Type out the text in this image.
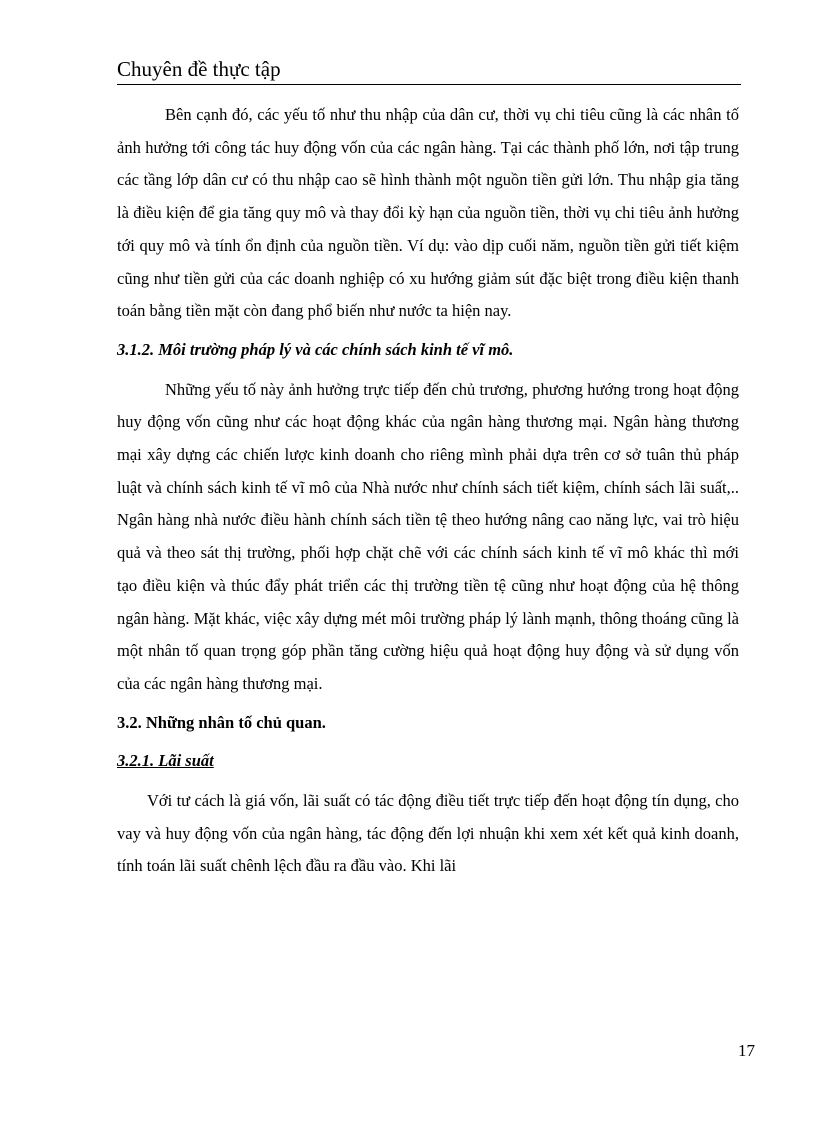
Chuyên đề thực tập

Bên cạnh đó, các yếu tố như thu nhập của dân cư, thời vụ chi tiêu cũng là các nhân tố ảnh hưởng tới công tác huy động vốn của các ngân hàng. Tại các thành phố lớn, nơi tập trung các tầng lớp dân cư có thu nhập cao sẽ hình thành một nguồn tiền gửi lớn. Thu nhập gia tăng là điều kiện để gia tăng quy mô và thay đổi kỳ hạn của nguồn tiền, thời vụ chi tiêu ảnh hưởng tới quy mô và tính ổn định của nguồn tiền. Ví dụ: vào dịp cuối năm, nguồn tiền gửi tiết kiệm cũng như tiền gửi của các doanh nghiệp có xu hướng giảm sút đặc biệt trong điều kiện thanh toán bằng tiền mặt còn đang phổ biến như nước ta hiện nay.

3.1.2. Môi trường pháp lý và các chính sách kinh tế vĩ mô.

Những yếu tố này ảnh hưởng trực tiếp đến chủ trương, phương hướng trong hoạt động huy động vốn cũng như các hoạt động khác của ngân hàng thương mại. Ngân hàng thương mại xây dựng các chiến lược kinh doanh cho riêng mình phải dựa trên cơ sở tuân thủ pháp luật và chính sách kinh tế vĩ mô của Nhà nước như chính sách tiết kiệm, chính sách lãi suất,.. Ngân hàng nhà nước điều hành chính sách tiền tệ theo hướng nâng cao năng lực, vai trò hiệu quả và theo sát thị trường, phối hợp chặt chẽ với các chính sách kinh tế vĩ mô khác thì mới tạo điều kiện và thúc đẩy phát triển các thị trường tiền tệ cũng như hoạt động của hệ thông ngân hàng. Mặt khác, việc xây dựng mét môi trường pháp lý lành mạnh, thông thoáng cũng là một nhân tố quan trọng góp phần tăng cường hiệu quả hoạt động huy động và sử dụng vốn của các ngân hàng thương mại.

3.2. Những nhân tố chủ quan.

3.2.1. Lãi suất

Với tư cách là giá vốn, lãi suất có tác động điều tiết trực tiếp đến hoạt động tín dụng, cho vay và huy động vốn của ngân hàng, tác động đến lợi nhuận khi xem xét kết quả kinh doanh, tính toán lãi suất chênh lệch đầu ra đầu vào. Khi lãi

17
